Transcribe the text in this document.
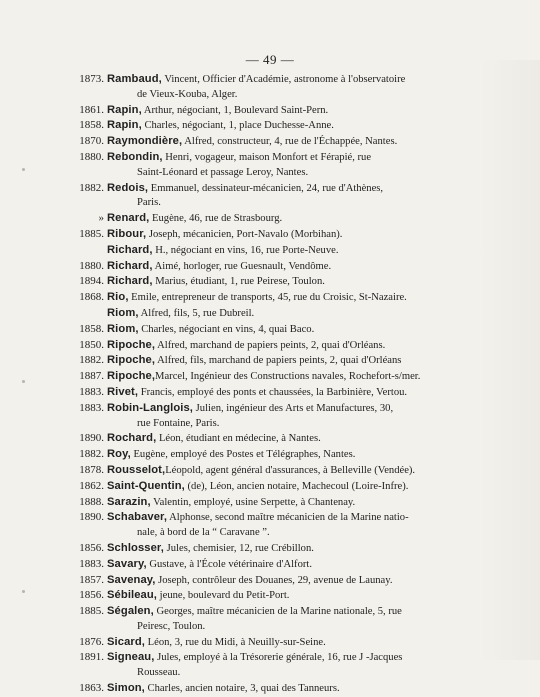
— 49 —
1873. Rambaud, Vincent, Officier d'Académie, astronome à l'observatoire
de Vieux-Kouba, Alger.
1861. Rapin, Arthur, négociant, 1, Boulevard Saint-Pern.
1858. Rapin, Charles, négociant, 1, place Duchesse-Anne.
1870. Raymondière, Alfred, constructeur, 4, rue de l'Échappée, Nantes.
1880. Rebondin, Henri, vogageur, maison Monfort et Férapié, rue
Saint-Léonard et passage Leroy, Nantes.
1882. Redois, Emmanuel, dessinateur-mécanicien, 24, rue d'Athènes,
Paris.
» Renard, Eugène, 46, rue de Strasbourg.
1885. Ribour, Joseph, mécanicien, Port-Navalo (Morbihan).
Richard, H., négociant en vins, 16, rue Porte-Neuve.
1880. Richard, Aimé, horloger, rue Guesnault, Vendôme.
1894. Richard, Marius, étudiant, 1, rue Peirese, Toulon.
1868. Rio, Emile, entrepreneur de transports, 45, rue du Croisic, St-Nazaire.
Riom, Alfred, fils, 5, rue Dubreil.
1858. Riom, Charles, négociant en vins, 4, quai Baco.
1850. Ripoche, Alfred, marchand de papiers peints, 2, quai d'Orléans.
1882. Ripoche, Alfred, fils, marchand de papiers peints, 2, quai d'Orléans
1887. Ripoche,Marcel, Ingénieur des Constructions navales, Rochefort-s/mer.
1883. Rivet, Francis, employé des ponts et chaussées, la Barbinière, Vertou.
1883. Robin-Langlois, Julien, ingénieur des Arts et Manufactures, 30,
rue Fontaine, Paris.
1890. Rochard, Léon, étudiant en médecine, à Nantes.
1882. Roy, Eugène, employé des Postes et Télégraphes, Nantes.
1878. Rousselot,Léopold, agent général d'assurances, à Belleville (Vendée).
1862. Saint-Quentin, (de), Léon, ancien notaire, Machecoul (Loire-Infre).
1888. Sarazin, Valentin, employé, usine Serpette, à Chantenay.
1890. Schabaver, Alphonse, second maître mécanicien de la Marine natio-
nale, à bord de la “ Caravane ”.
1856. Schlosser, Jules, chemisier, 12, rue Crébillon.
1883. Savary, Gustave, à l'École vétérinaire d'Alfort.
1857. Savenay, Joseph, contrôleur des Douanes, 29, avenue de Launay.
1856. Sébileau, jeune, boulevard du Petit-Port.
1885. Ségalen, Georges, maître mécanicien de la Marine nationale, 5, rue
Peiresc, Toulon.
1876. Sicard, Léon, 3, rue du Midi, à Neuilly-sur-Seine.
1891. Signeau, Jules, employé à la Trésorerie générale, 16, rue J -Jacques
Rousseau.
1863. Simon, Charles, ancien notaire, 3, quai des Tanneurs.
